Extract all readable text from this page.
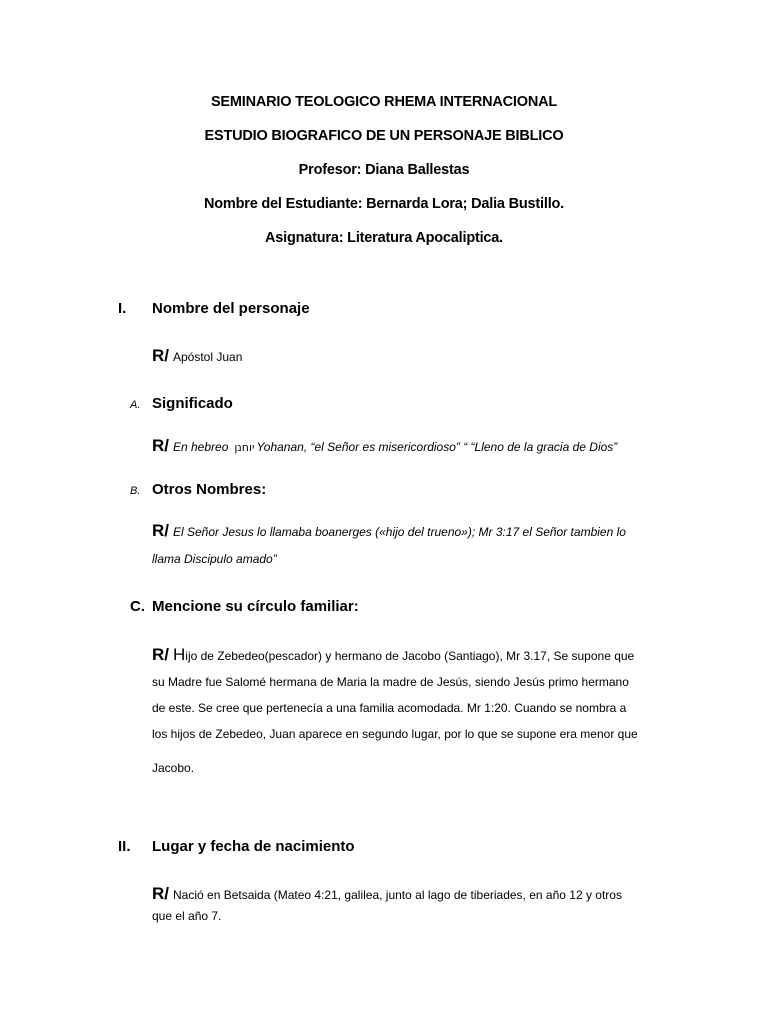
SEMINARIO TEOLOGICO RHEMA INTERNACIONAL
ESTUDIO BIOGRAFICO DE UN PERSONAJE BIBLICO
Profesor: Diana Ballestas
Nombre del Estudiante: Bernarda Lora; Dalia Bustillo.
Asignatura: Literatura Apocaliptica.
I. Nombre del personaje
R/ Apóstol Juan
A. Significado
R/ En hebreo יוחנן Yohanan, “el Señor es misericordioso” “ “Lleno de la gracia de Dios”
B. Otros Nombres:
R/ El Señor Jesus lo llamaba boanerges («hijo del trueno»); Mr 3:17 el Señor tambien lo
llama Discipulo amado”
C. Mencione su círculo familiar:
R/ Hijo de Zebedeo(pescador) y hermano de Jacobo (Santiago), Mr 3.17, Se supone que
su Madre fue Salomé hermana de Maria la madre de Jesús, siendo Jesús primo hermano
de este. Se cree que pertenecía a una familia acomodada. Mr 1:20. Cuando se nombra a
los hijos de Zebedeo, Juan aparece en segundo lugar, por lo que se supone era menor que
Jacobo.
II. Lugar y fecha de nacimiento
R/ Nació en Betsaida (Mateo 4:21, galilea, junto al lago de tiberiades, en año 12 y otros
que el año 7.
